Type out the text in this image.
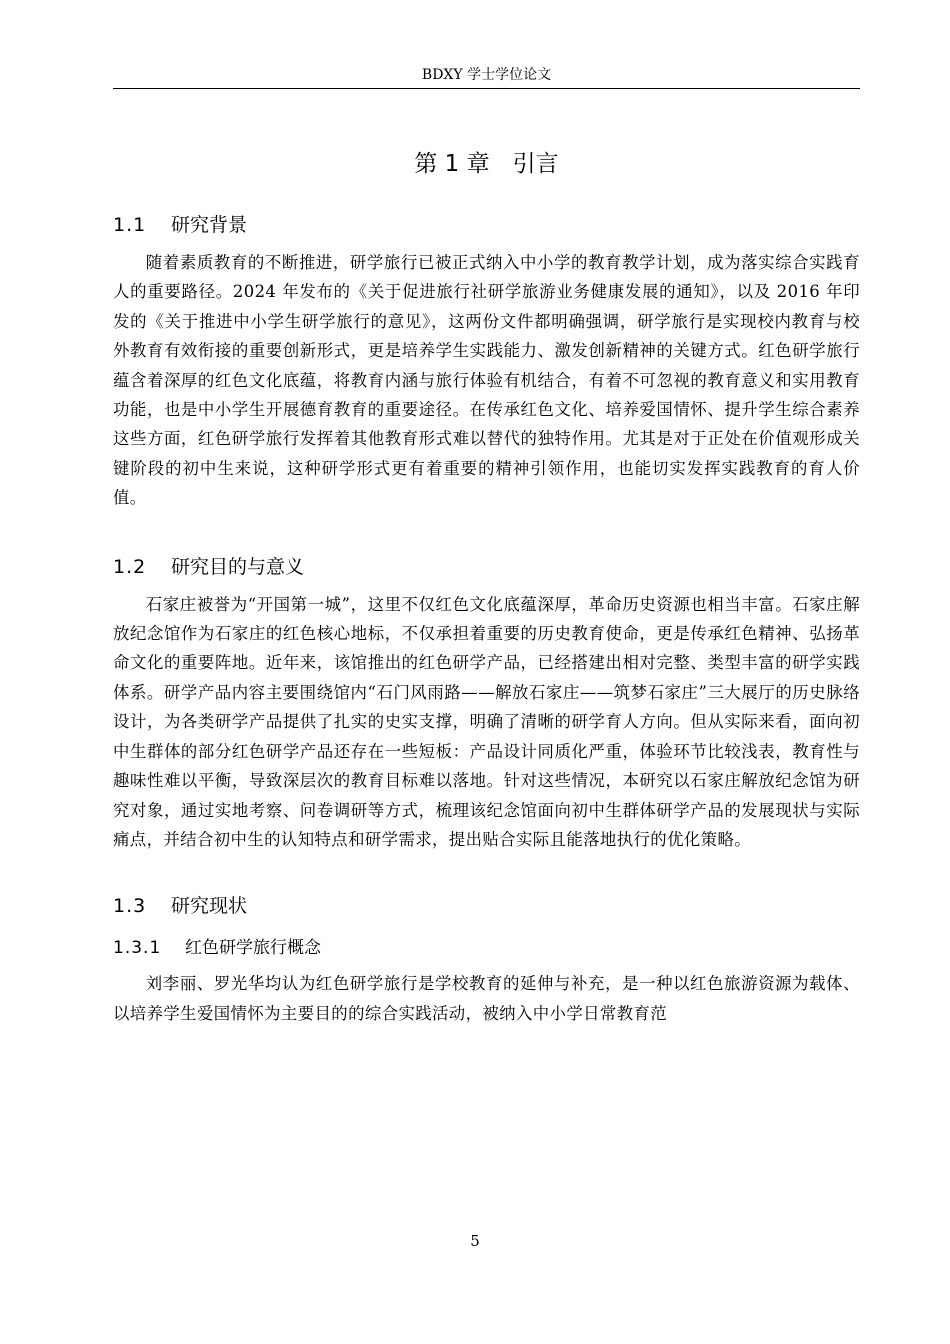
BDXY 学士学位论文
第 1 章　引言
1.1 研究背景

随着素质教育的不断推进，研学旅行已被正式纳入中小学的教育教学计划，成为落实综合实践育人的重要路径。2024 年发布的《关于促进旅行社研学旅游业务健康发展的通知》，以及 2016 年印发的《关于推进中小学生研学旅行的意见》，这两份文件都明确强调，研学旅行是实现校内教育与校外教育有效衔接的重要创新形式，更是培养学生实践能力、激发创新精神的关键方式。红色研学旅行蕴含着深厚的红色文化底蕴，将教育内涵与旅行体验有机结合，有着不可忽视的教育意义和实用教育功能，也是中小学生开展德育教育的重要途径。在传承红色文化、培养爱国情怀、提升学生综合素养这些方面，红色研学旅行发挥着其他教育形式难以替代的独特作用。尤其是对于正处在价值观形成关键阶段的初中生来说，这种研学形式更有着重要的精神引领作用，也能切实发挥实践教育的育人价值。

1.2 研究目的与意义

石家庄被誉为“开国第一城”，这里不仅红色文化底蕴深厚，革命历史资源也相当丰富。石家庄解放纪念馆作为石家庄的红色核心地标，不仅承担着重要的历史教育使命，更是传承红色精神、弘扬革命文化的重要阵地。近年来，该馆推出的红色研学产品，已经搭建出相对完整、类型丰富的研学实践体系。研学产品内容主要围绕馆内“石门风雨路——解放石家庄——筑梦石家庄”三大展厅的历史脉络设计，为各类研学产品提供了扎实的史实支撑，明确了清晰的研学育人方向。但从实际来看，面向初中生群体的部分红色研学产品还存在一些短板：产品设计同质化严重，体验环节比较浅表，教育性与趣味性难以平衡，导致深层次的教育目标难以落地。针对这些情况，本研究以石家庄解放纪念馆为研究对象，通过实地考察、问卷调研等方式，梳理该纪念馆面向初中生群体研学产品的发展现状与实际痛点，并结合初中生的认知特点和研学需求，提出贴合实际且能落地执行的优化策略。

1.3 研究现状
1.3.1 红色研学旅行概念

刘李丽、罗光华均认为红色研学旅行是学校教育的延伸与补充，是一种以红色旅游资源为载体、以培养学生爱国情怀为主要目的的综合实践活动，被纳入中小学日常教育范

5
